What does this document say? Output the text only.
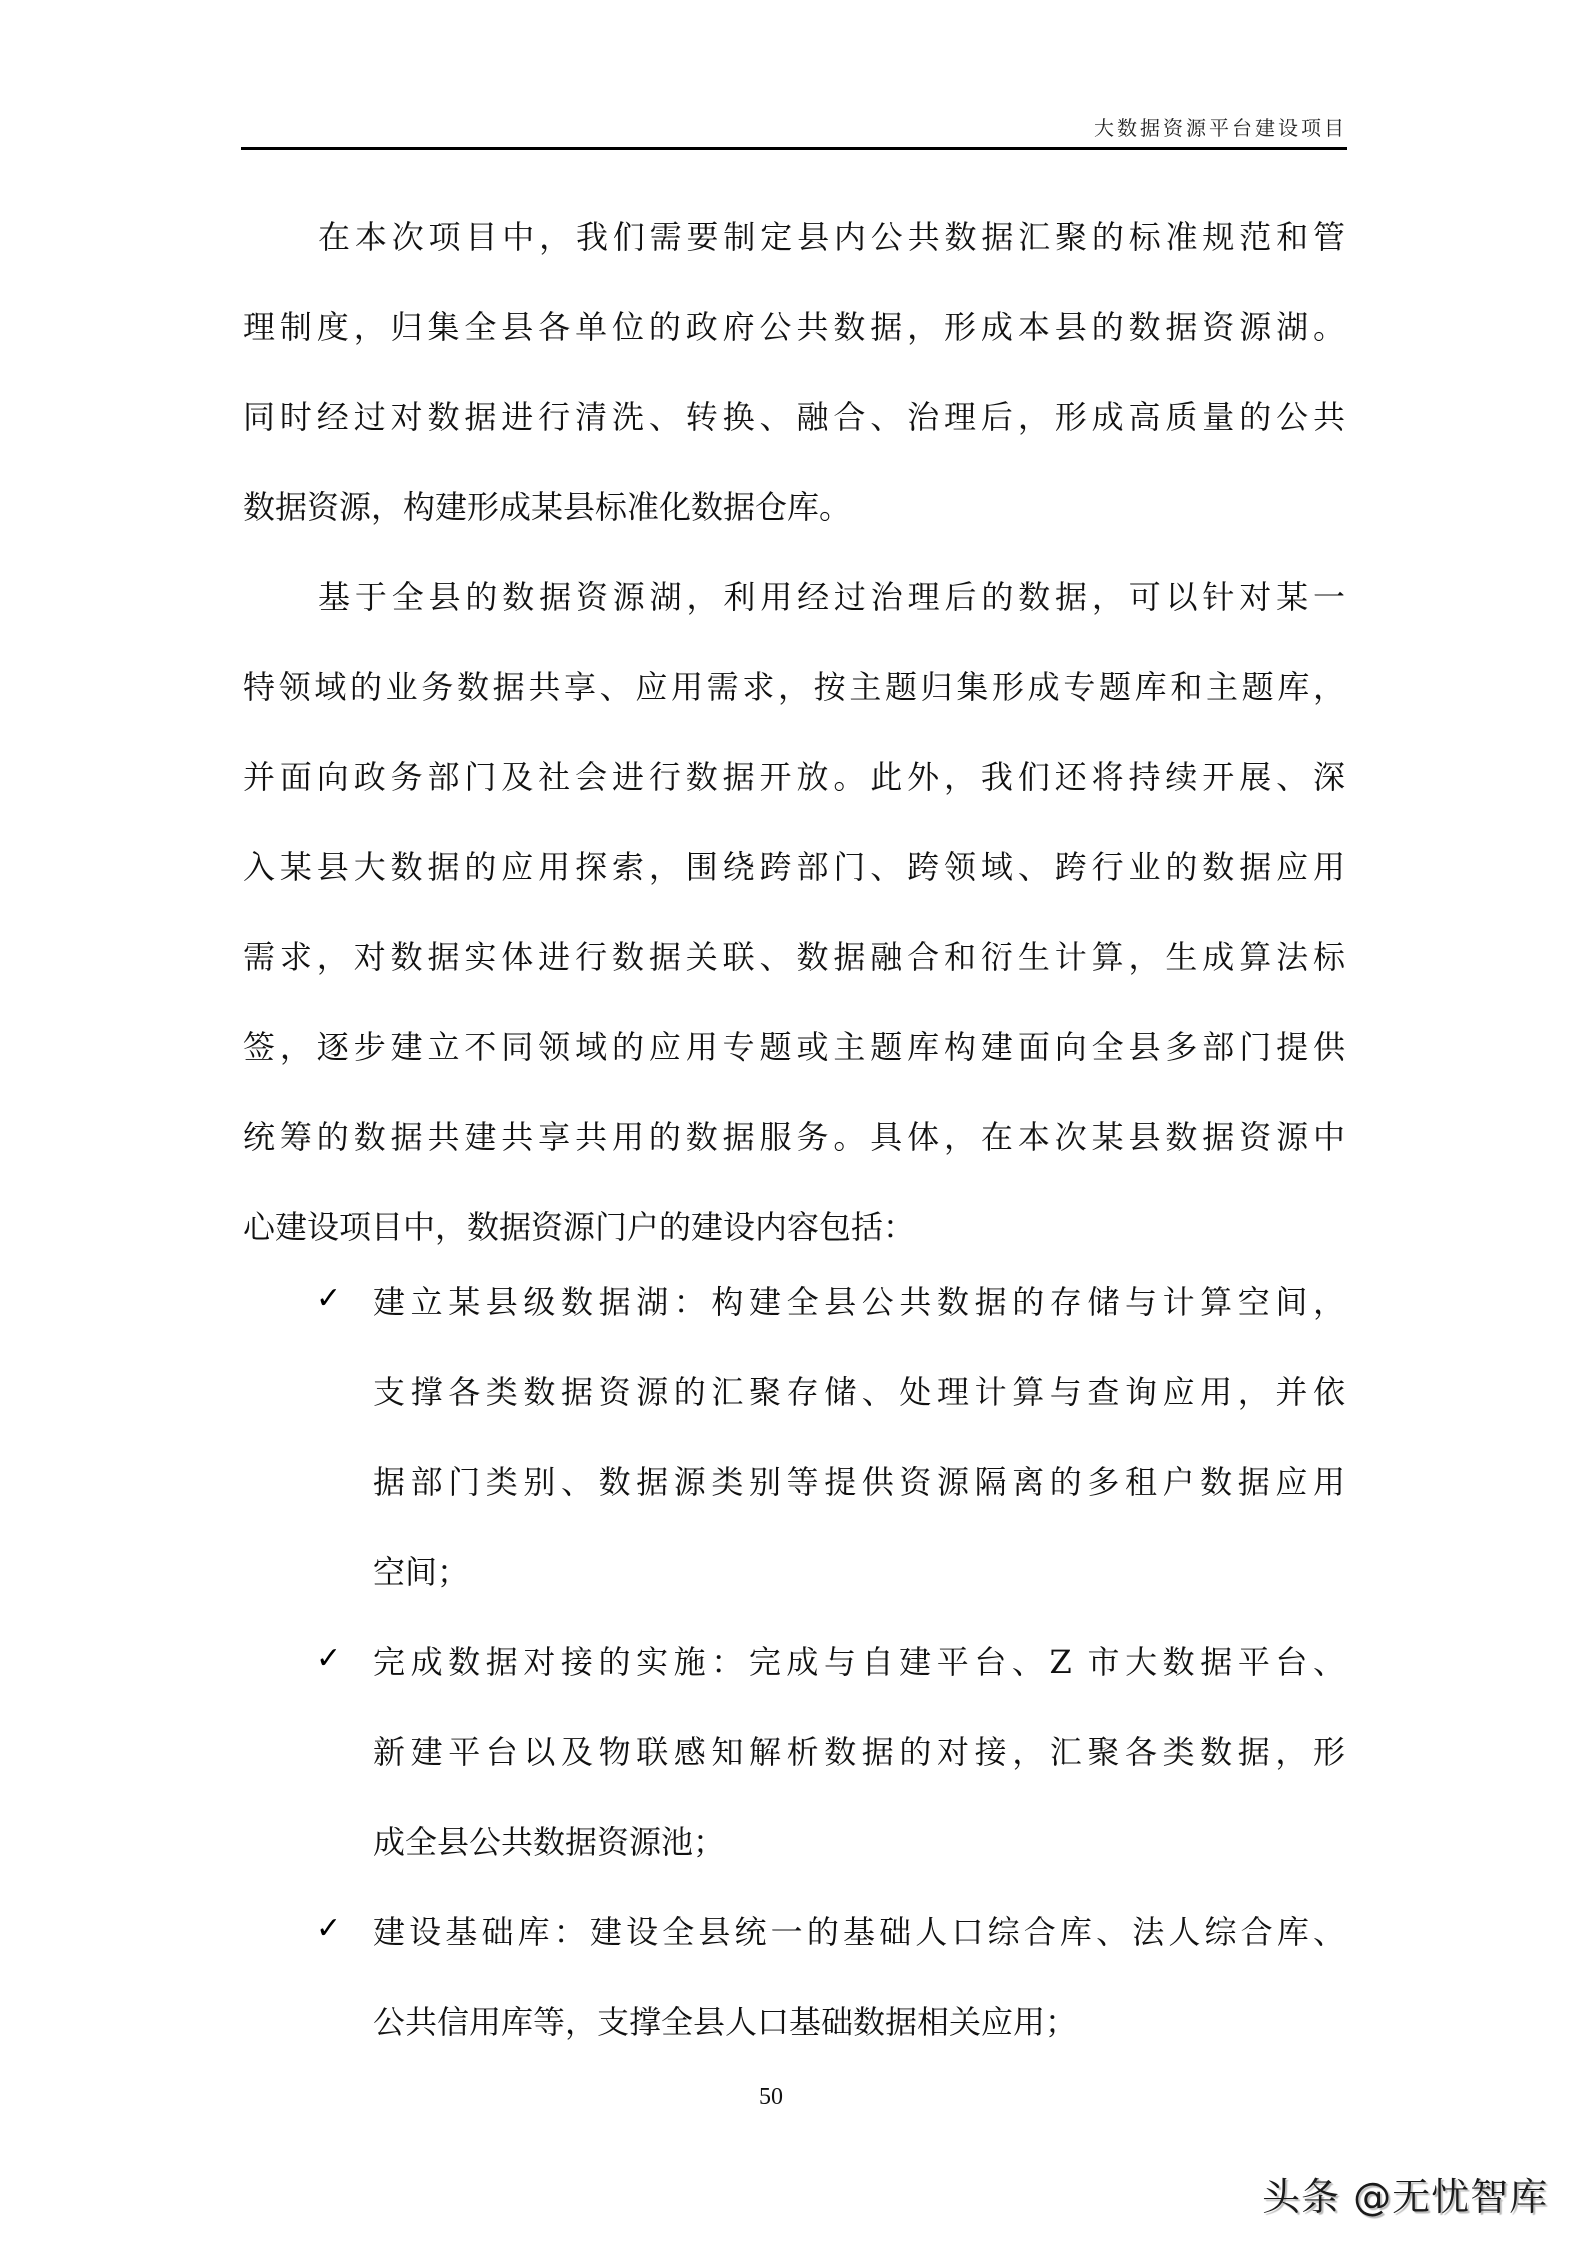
大数据资源平台建设项目
在本次项目中，我们需要制定县内公共数据汇聚的标准规范和管
理制度，归集全县各单位的政府公共数据，形成本县的数据资源湖。
同时经过对数据进行清洗、转换、融合、治理后，形成高质量的公共
数据资源，构建形成某县标准化数据仓库。
基于全县的数据资源湖，利用经过治理后的数据，可以针对某一
特领域的业务数据共享、应用需求，按主题归集形成专题库和主题库，
并面向政务部门及社会进行数据开放。此外，我们还将持续开展、深
入某县大数据的应用探索，围绕跨部门、跨领域、跨行业的数据应用
需求，对数据实体进行数据关联、数据融合和衍生计算，生成算法标
签，逐步建立不同领域的应用专题或主题库构建面向全县多部门提供
统筹的数据共建共享共用的数据服务。具体，在本次某县数据资源中
心建设项目中，数据资源门户的建设内容包括：
✓ 建立某县级数据湖：构建全县公共数据的存储与计算空间，
支撑各类数据资源的汇聚存储、处理计算与查询应用，并依
据部门类别、数据源类别等提供资源隔离的多租户数据应用
空间；
✓ 完成数据对接的实施：完成与自建平台、Z 市大数据平台、
新建平台以及物联感知解析数据的对接，汇聚各类数据，形
成全县公共数据资源池；
✓ 建设基础库：建设全县统一的基础人口综合库、法人综合库、
公共信用库等，支撑全县人口基础数据相关应用；
50
头条 @无忧智库
